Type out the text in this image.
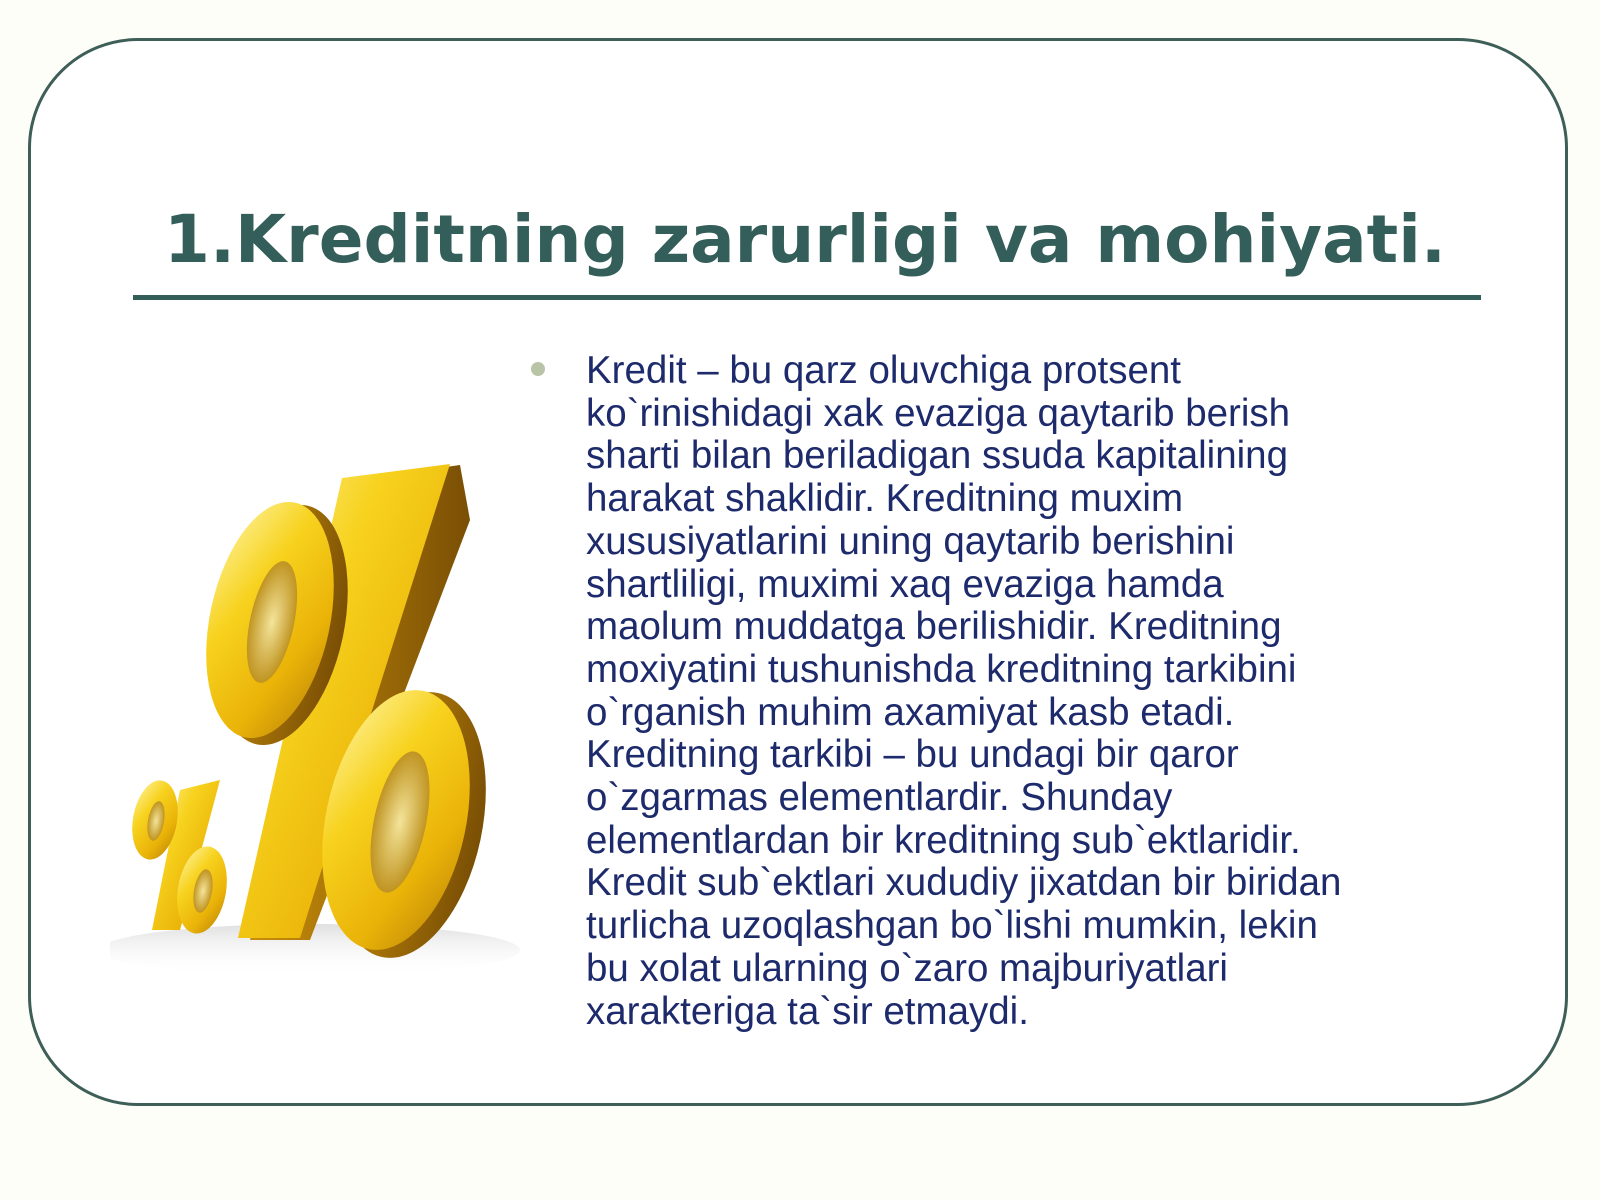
1.Kreditning zarurligi va mohiyati.

Kredit – bu qarz oluvchiga protsent
ko`rinishidagi xak evaziga qaytarib berish
sharti bilan beriladigan ssuda kapitalining
harakat shaklidir. Kreditning muxim
xususiyatlarini uning qaytarib berishini
shartliligi, muximi xaq evaziga hamda
maolum muddatga berilishidir. Kreditning
moxiyatini tushunishda kreditning tarkibini
o`rganish muhim axamiyat kasb etadi.
Kreditning tarkibi – bu undagi bir qaror
o`zgarmas elementlardir. Shunday
elementlardan bir kreditning sub`ektlaridir.
Kredit sub`ektlari xududiy jixatdan bir biridan
turlicha uzoqlashgan bo`lishi mumkin, lekin
bu xolat ularning o`zaro majburiyatlari
xarakteriga ta`sir etmaydi.
